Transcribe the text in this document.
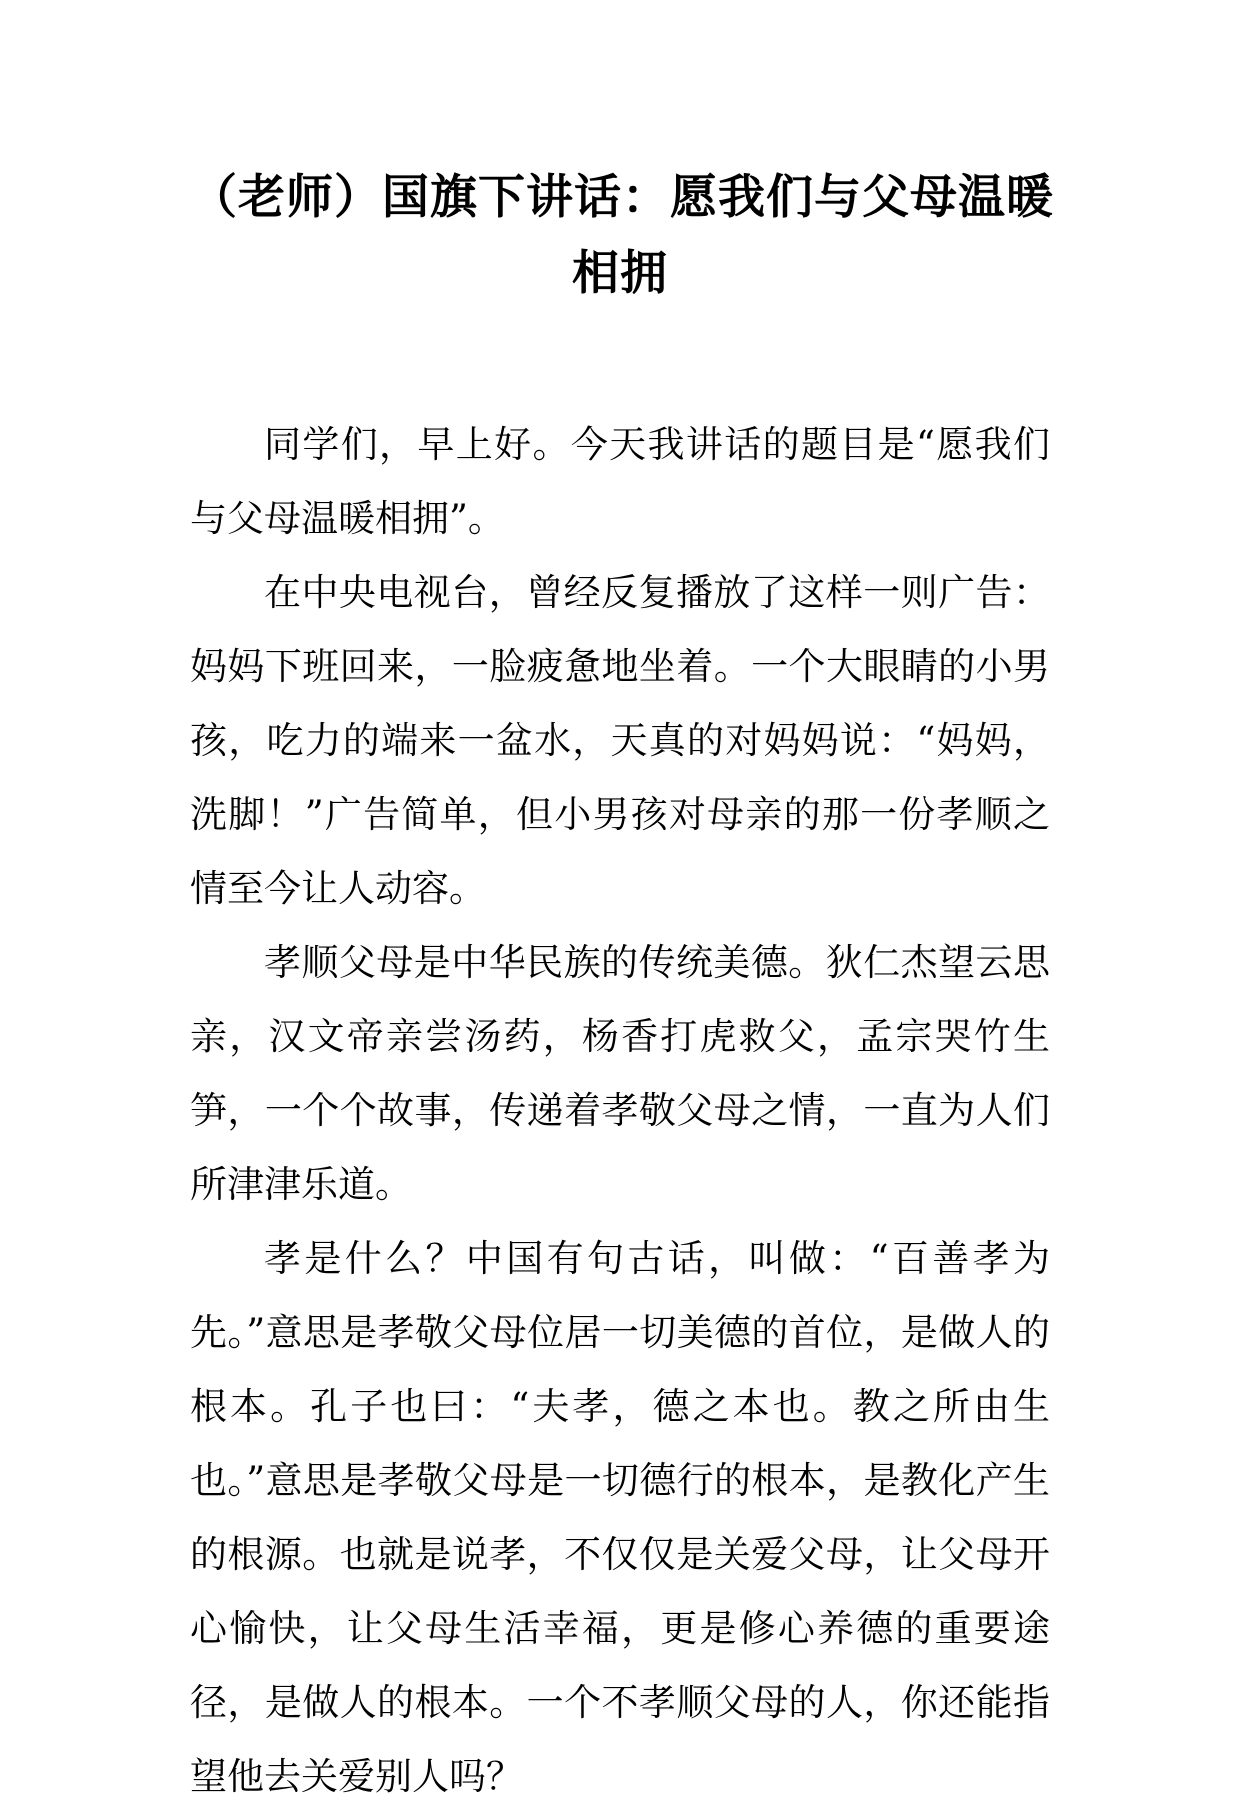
（老师）国旗下讲话：愿我们与父母温暖
相拥

同学们，早上好。今天我讲话的题目是“愿我们与父母温暖相拥”。

在中央电视台，曾经反复播放了这样一则广告：妈妈下班回来，一脸疲惫地坐着。一个大眼睛的小男孩，吃力的端来一盆水，天真的对妈妈说：“妈妈，洗脚！”广告简单，但小男孩对母亲的那一份孝顺之情至今让人动容。

孝顺父母是中华民族的传统美德。狄仁杰望云思亲，汉文帝亲尝汤药，杨香打虎救父，孟宗哭竹生笋，一个个故事，传递着孝敬父母之情，一直为人们所津津乐道。

孝是什么？中国有句古话，叫做：“百善孝为先。”意思是孝敬父母位居一切美德的首位，是做人的根本。孔子也曰：“夫孝，德之本也。教之所由生也。”意思是孝敬父母是一切德行的根本，是教化产生的根源。也就是说孝，不仅仅是关爱父母，让父母开心愉快，让父母生活幸福，更是修心养德的重要途径，是做人的根本。一个不孝顺父母的人，你还能指望他去关爱别人吗？
